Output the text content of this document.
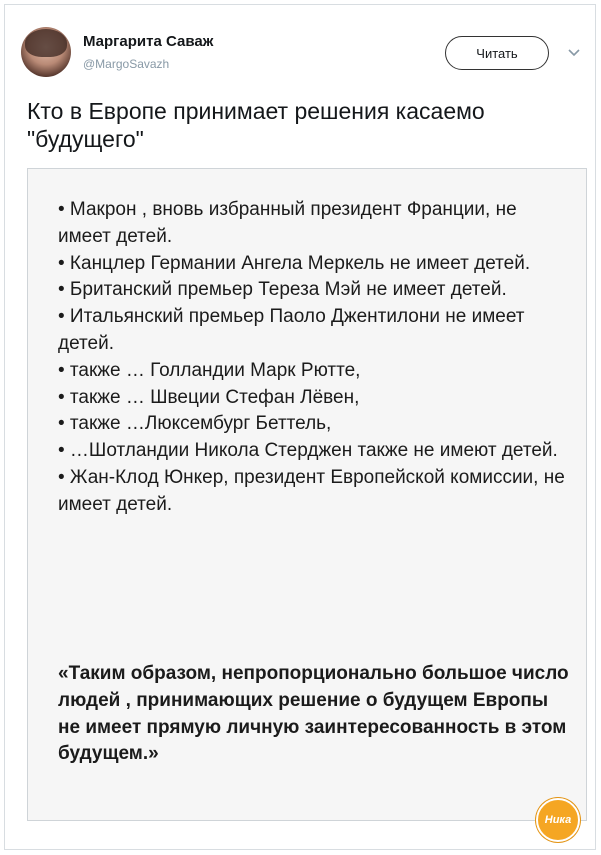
Маргарита Саваж
@MargoSavazh
Читать
Кто в Европе принимает решения касаемо "будущего"
• Макрон , вновь избранный президент Франции, не имеет детей.
• Канцлер Германии Ангела Меркель не имеет детей.
• Британский премьер Тереза Мэй не имеет детей.
• Итальянский премьер Паоло Джентилони не имеет детей.
• также … Голландии Марк Рютте,
• также … Швеции Стефан Лёвен,
• также …Люксембург Беттель,
• …Шотландии Никола Стерджен также не имеют детей.
• Жан-Клод Юнкер, президент Европейской комиссии, не имеет детей.
«Таким образом, непропорционально большое число людей , принимающих решение о будущем Европы не имеет прямую личную заинтересованность в этом будущем.»
Ника
